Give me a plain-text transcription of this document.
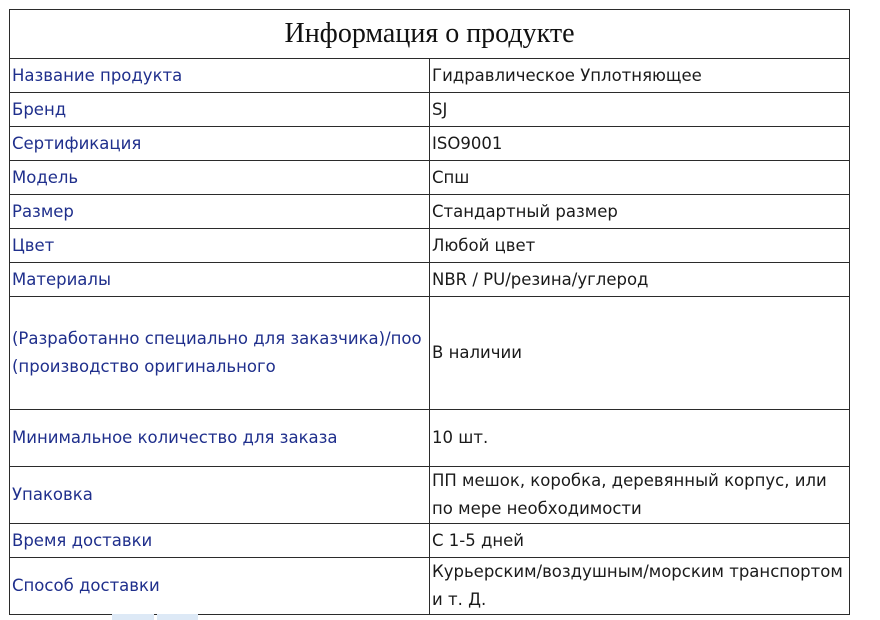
Информация о продукте	
Название продукта	Гидравлическое Уплотняющее
Бренд	SJ
Сертификация	ISO9001
Модель	Спш
Размер	Стандартный размер
Цвет	Любой цвет
Материалы	NBR / PU/резина/углерод
(Разработанно специально для заказчика)/поо (производство оригинального	В наличии
Минимальное количество для заказа	10 шт.
Упаковка	ПП мешок, коробка, деревянный корпус, или по мере необходимости
Время доставки	С 1-5 дней
Способ доставки	Курьерским/воздушным/морским транспортом и т. Д.
